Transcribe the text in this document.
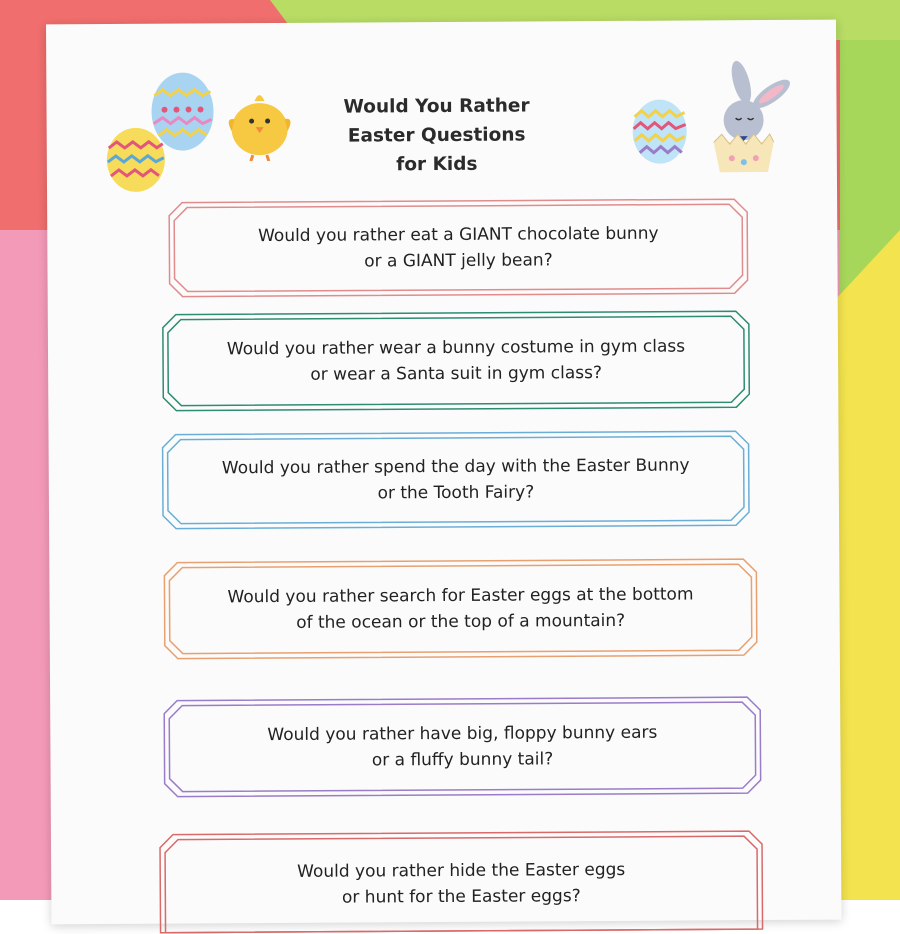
Would You Rather
Easter Questions
for Kids
Would you rather eat a GIANT chocolate bunny
or a GIANT jelly bean?
Would you rather wear a bunny costume in gym class
or wear a Santa suit in gym class?
Would you rather spend the day with the Easter Bunny
or the Tooth Fairy?
Would you rather search for Easter eggs at the bottom
of the ocean or the top of a mountain?
Would you rather have big, floppy bunny ears
or a fluffy bunny tail?
Would you rather hide the Easter eggs
or hunt for the Easter eggs?
